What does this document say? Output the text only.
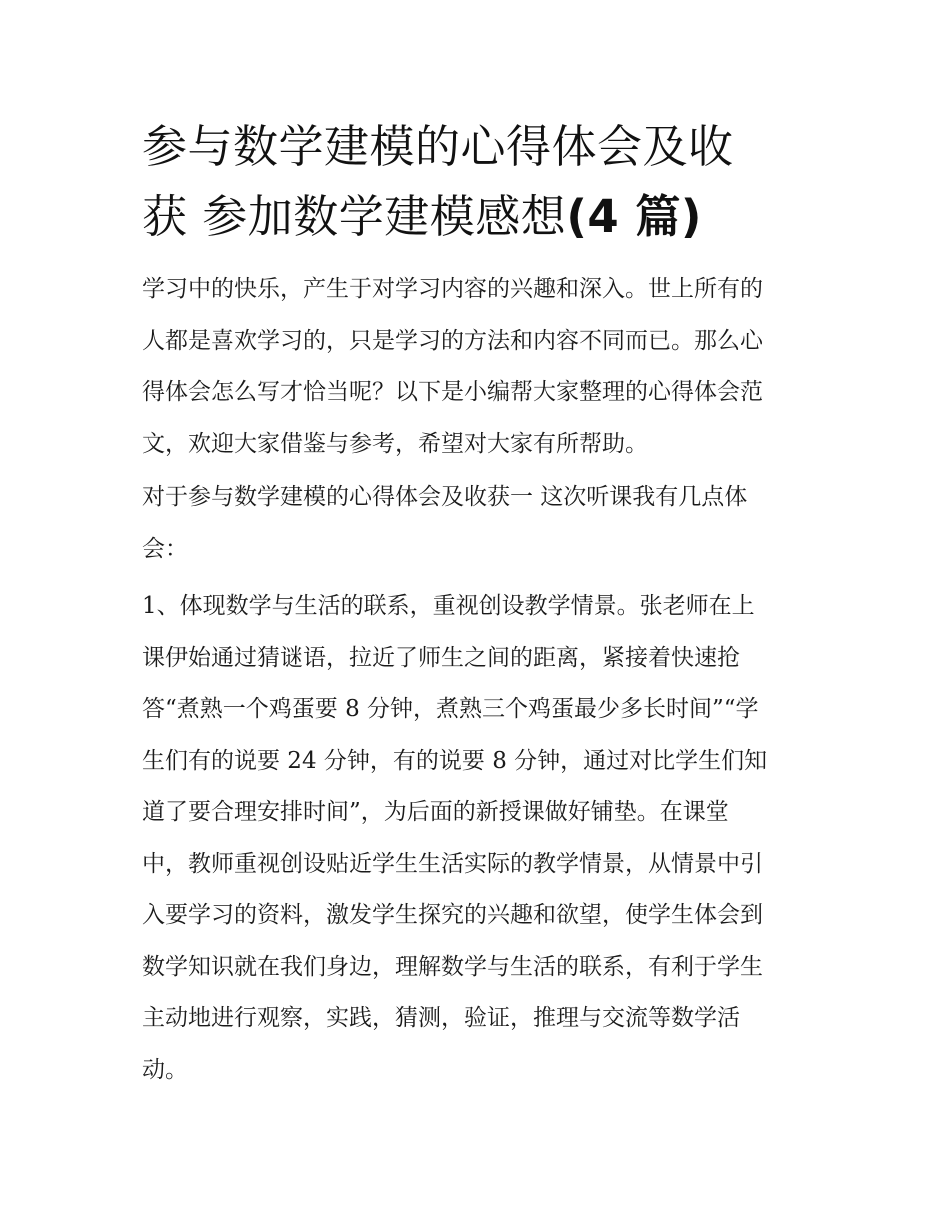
参与数学建模的心得体会及收
获 参加数学建模感想(4 篇)

学习中的快乐，产生于对学习内容的兴趣和深入。世上所有的
人都是喜欢学习的，只是学习的方法和内容不同而已。那么心
得体会怎么写才恰当呢？以下是小编帮大家整理的心得体会范
文，欢迎大家借鉴与参考，希望对大家有所帮助。

对于参与数学建模的心得体会及收获一 这次听课我有几点体
会：

1、体现数学与生活的联系，重视创设教学情景。张老师在上
课伊始通过猜谜语，拉近了师生之间的距离，紧接着快速抢
答“煮熟一个鸡蛋要 8 分钟，煮熟三个鸡蛋最少多长时间”“学
生们有的说要 24 分钟，有的说要 8 分钟，通过对比学生们知
道了要合理安排时间”，为后面的新授课做好铺垫。在课堂
中，教师重视创设贴近学生生活实际的教学情景，从情景中引
入要学习的资料，激发学生探究的兴趣和欲望，使学生体会到
数学知识就在我们身边，理解数学与生活的联系，有利于学生
主动地进行观察，实践，猜测，验证，推理与交流等数学活
动。
